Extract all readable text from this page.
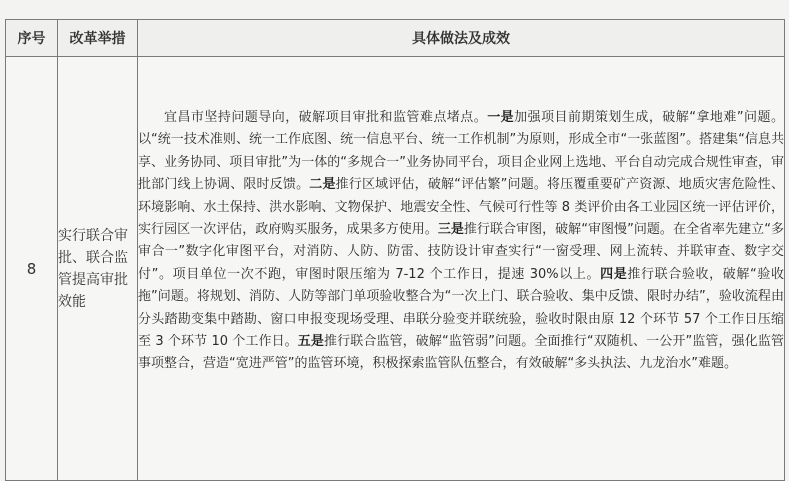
序号	改革举措	具体做法及成效
8	实行联合审批、联合监管提高审批效能	宜昌市坚持问题导向，破解项目审批和监管难点堵点。一是加强项目前期策划生成，破解“拿地难”问题。以“统一技术准则、统一工作底图、统一信息平台、统一工作机制”为原则，形成全市“一张蓝图”。搭建集“信息共享、业务协同、项目审批”为一体的“多规合一”业务协同平台，项目企业网上选地、平台自动完成合规性审查，审批部门线上协调、限时反馈。二是推行区域评估，破解“评估繁”问题。将压覆重要矿产资源、地质灾害危险性、环境影响、水土保持、洪水影响、文物保护、地震安全性、气候可行性等 8 类评价由各工业园区统一评估评价，实行园区一次评估，政府购买服务，成果多方使用。三是推行联合审图，破解“审图慢”问题。在全省率先建立“多审合一”数字化审图平台，对消防、人防、防雷、技防设计审查实行“一窗受理、网上流转、并联审查、数字交付”。项目单位一次不跑，审图时限压缩为 7-12 个工作日，提速 30%以上。四是推行联合验收，破解“验收拖”问题。将规划、消防、人防等部门单项验收整合为“一次上门、联合验收、集中反馈、限时办结”，验收流程由分头踏勘变集中踏勘、窗口申报变现场受理、串联分验变并联统验，验收时限由原 12 个环节 57 个工作日压缩至 3 个环节 10 个工作日。五是推行联合监管，破解“监管弱”问题。全面推行“双随机、一公开”监管，强化监管事项整合，营造“宽进严管”的监管环境，积极探索监管队伍整合，有效破解“多头执法、九龙治水”难题。
